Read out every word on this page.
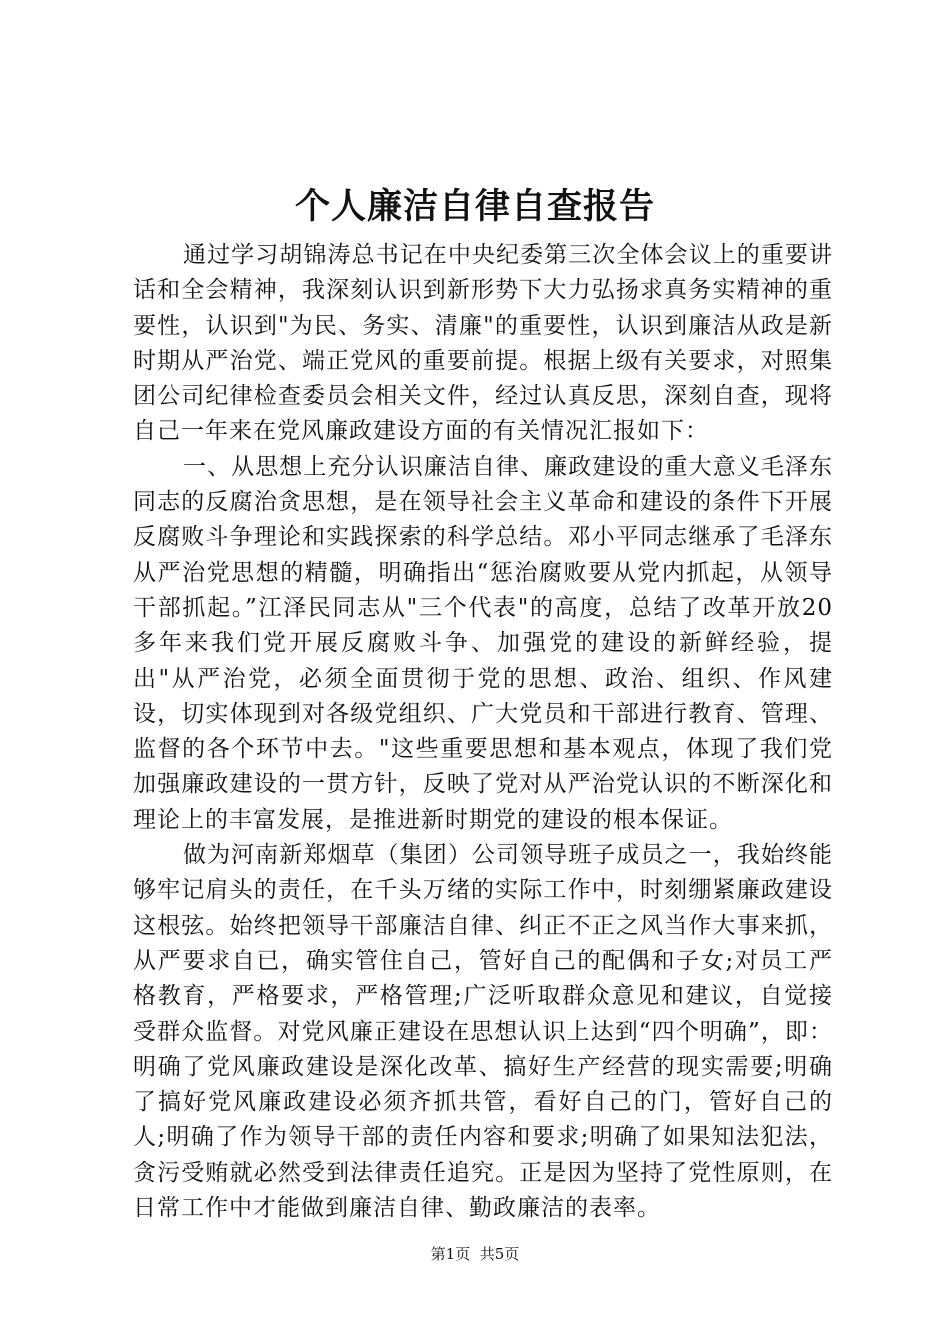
个人廉洁自律自查报告

通过学习胡锦涛总书记在中央纪委第三次全体会议上的重要讲话和全会精神，我深刻认识到新形势下大力弘扬求真务实精神的重要性，认识到"为民、务实、清廉"的重要性，认识到廉洁从政是新时期从严治党、端正党风的重要前提。根据上级有关要求，对照集团公司纪律检查委员会相关文件，经过认真反思，深刻自查，现将自己一年来在党风廉政建设方面的有关情况汇报如下：

一、从思想上充分认识廉洁自律、廉政建设的重大意义毛泽东同志的反腐治贪思想，是在领导社会主义革命和建设的条件下开展反腐败斗争理论和实践探索的科学总结。邓小平同志继承了毛泽东从严治党思想的精髓，明确指出“惩治腐败要从党内抓起，从领导干部抓起。”江泽民同志从"三个代表"的高度，总结了改革开放20多年来我们党开展反腐败斗争、加强党的建设的新鲜经验，提出"从严治党，必须全面贯彻于党的思想、政治、组织、作风建设，切实体现到对各级党组织、广大党员和干部进行教育、管理、监督的各个环节中去。"这些重要思想和基本观点，体现了我们党加强廉政建设的一贯方针，反映了党对从严治党认识的不断深化和理论上的丰富发展，是推进新时期党的建设的根本保证。

做为河南新郑烟草（集团）公司领导班子成员之一，我始终能够牢记肩头的责任，在千头万绪的实际工作中，时刻绷紧廉政建设这根弦。始终把领导干部廉洁自律、纠正不正之风当作大事来抓，从严要求自已，确实管住自己，管好自己的配偶和子女;对员工严格教育，严格要求，严格管理;广泛听取群众意见和建议，自觉接受群众监督。对党风廉正建设在思想认识上达到“四个明确”，即：明确了党风廉政建设是深化改革、搞好生产经营的现实需要;明确了搞好党风廉政建设必须齐抓共管，看好自己的门，管好自己的人;明确了作为领导干部的责任内容和要求;明确了如果知法犯法，贪污受贿就必然受到法律责任追究。正是因为坚持了党性原则，在日常工作中才能做到廉洁自律、勤政廉洁的表率。

第1页 共5页
